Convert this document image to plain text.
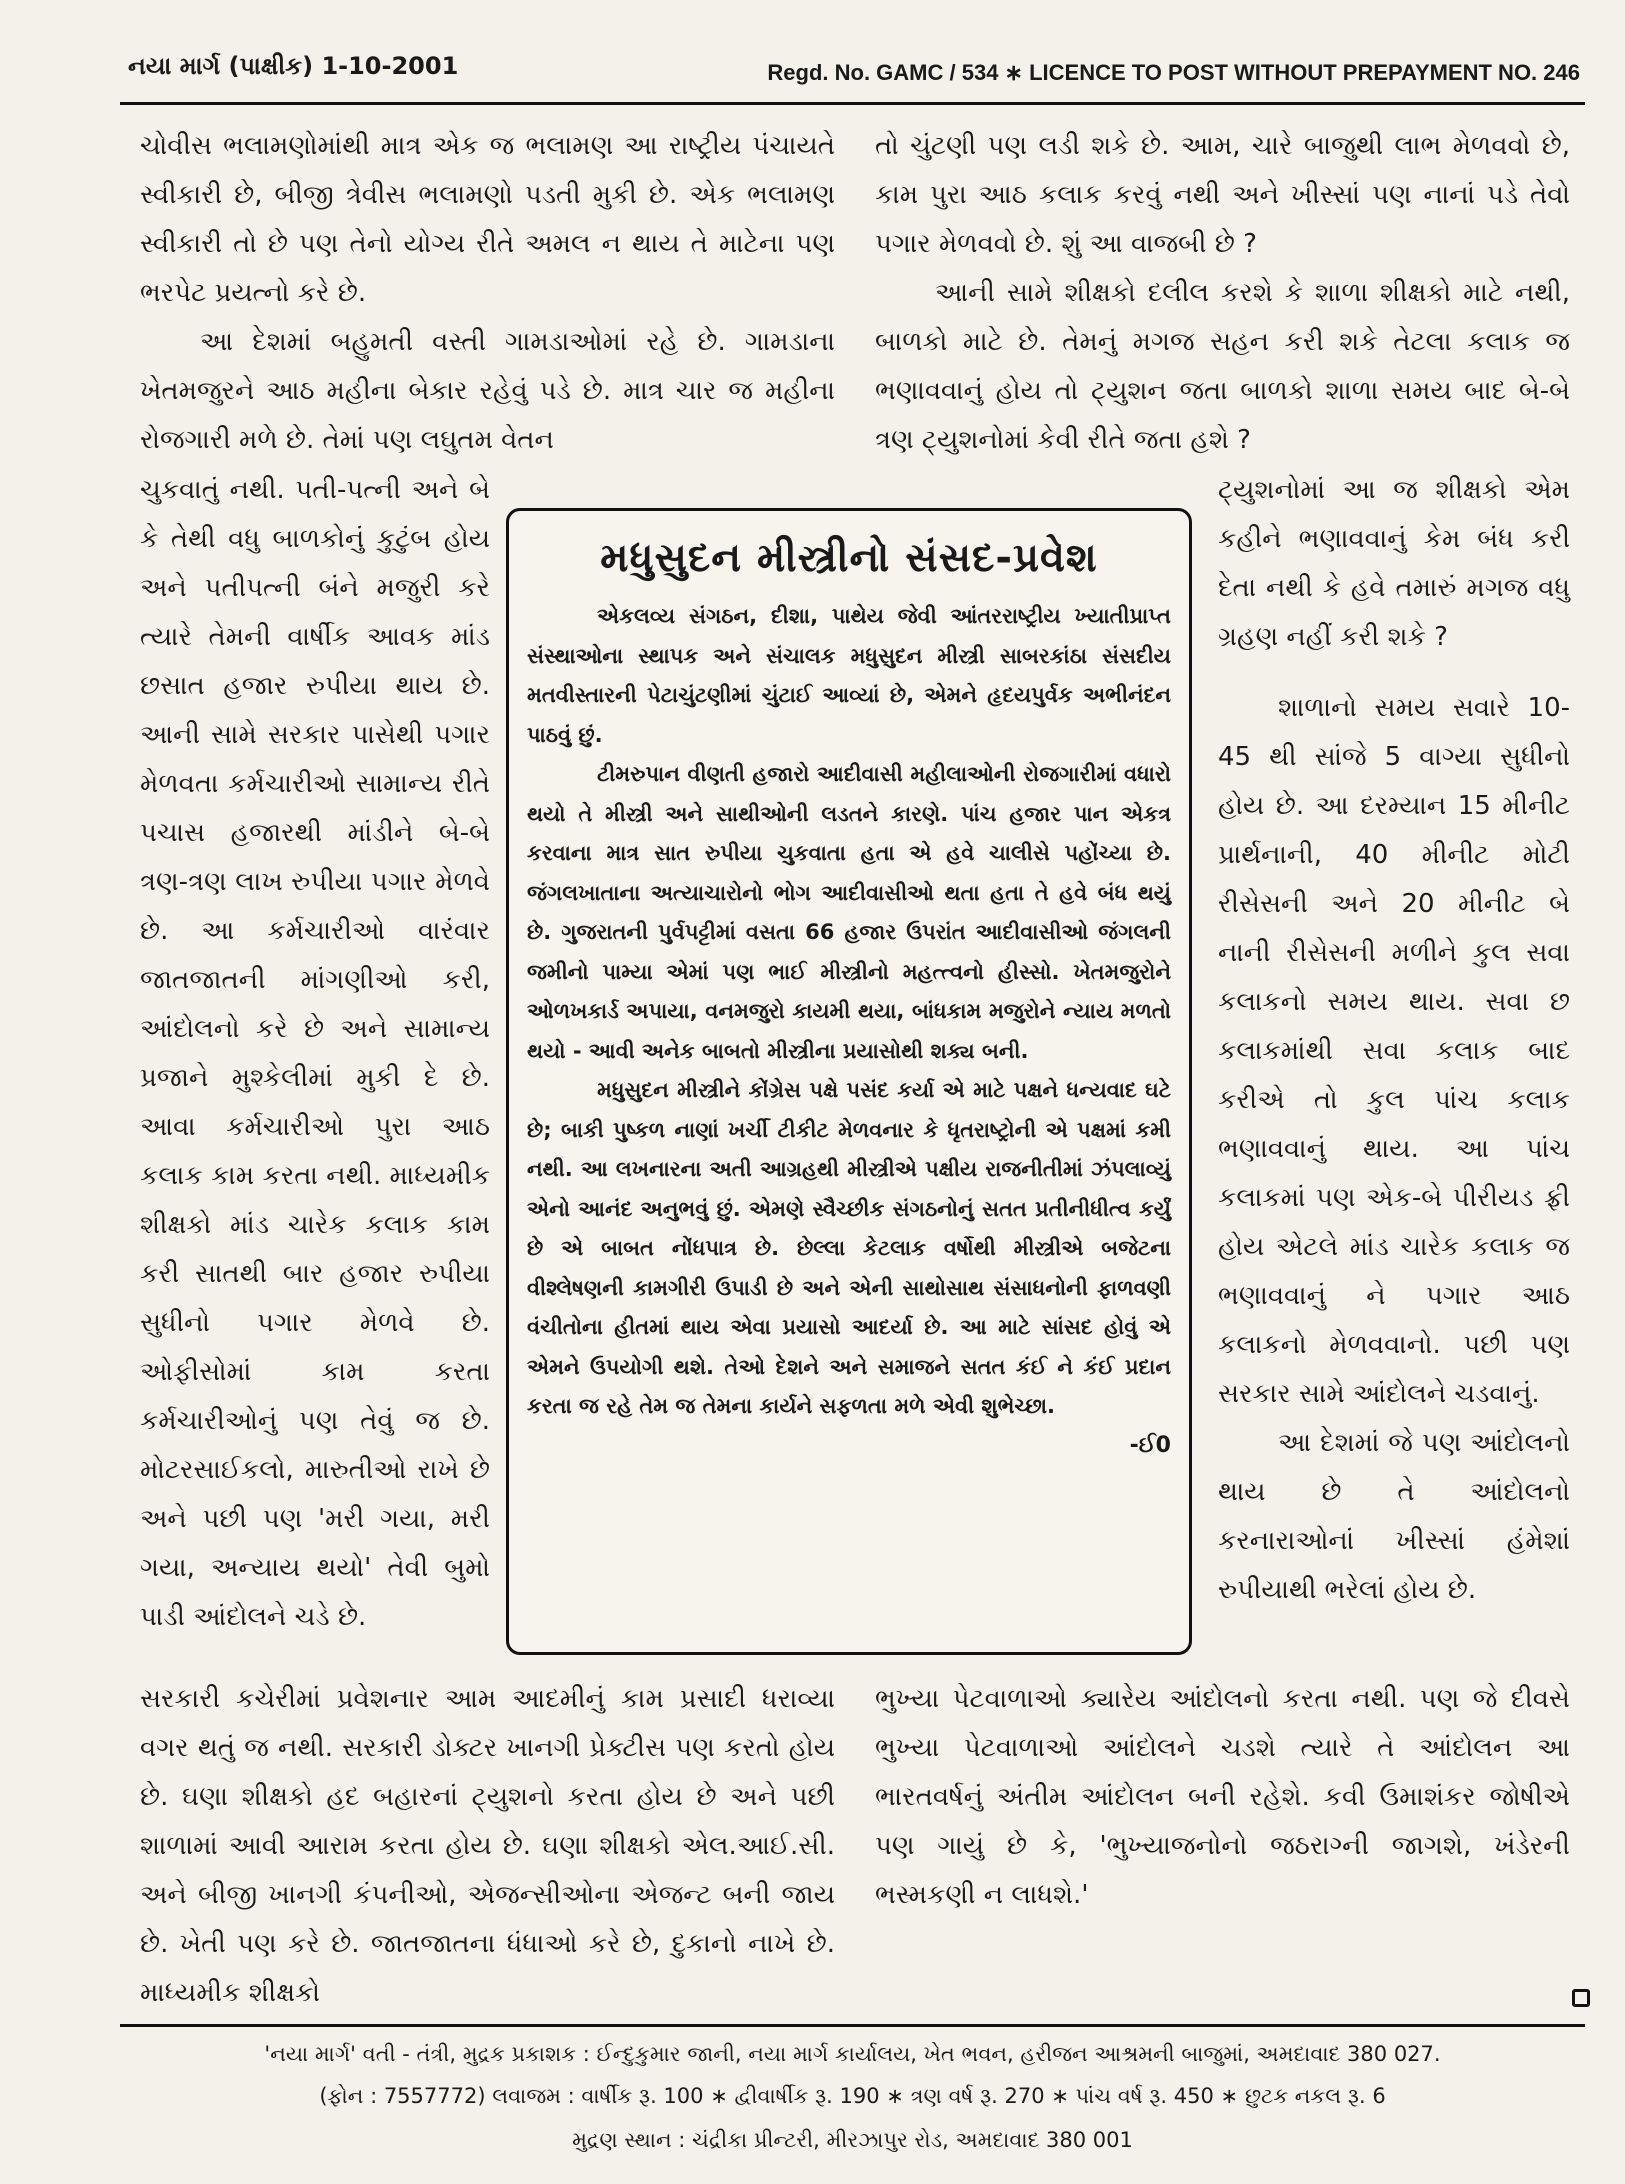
નયા માર્ગ (પાક્ષીક) 1-10-2001	Regd. No. GAMC / 534 ∗ LICENCE TO POST WITHOUT PREPAYMENT NO. 246

ચોવીસ ભલામણોમાંથી માત્ર એક જ ભલામણ આ રાષ્ટ્રીય પંચાયતે સ્વીકારી છે, બીજી ત્રેવીસ ભલામણો પડતી મુકી છે. એક ભલામણ સ્વીકારી તો છે પણ તેનો યોગ્ય રીતે અમલ ન થાય તે માટેના પણ ભરપેટ પ્રયત્નો કરે છે.

આ દેશમાં બહુમતી વસ્તી ગામડાઓમાં રહે છે. ગામડાના ખેતમજુરને આઠ મહીના બેકાર રહેવું પડે છે. માત્ર ચાર જ મહીના રોજગારી મળે છે. તેમાં પણ લઘુતમ વેતન

ચુકવાતું નથી. પતી-પત્ની અને બે કે તેથી વધુ બાળકોનું કુટુંબ હોય અને પતીપત્ની બંને મજુરી કરે ત્યારે તેમની વાર્ષીક આવક માંડ છસાત હજાર રુપીયા થાય છે. આની સામે સરકાર પાસેથી પગાર મેળવતા કર્મચારીઓ સામાન્ય રીતે પચાસ હજારથી માંડીને બે-બે ત્રણ-ત્રણ લાખ રુપીયા પગાર મેળવે છે. આ કર્મચારીઓ વારંવાર જાતજાતની માંગણીઓ કરી, આંદોલનો કરે છે અને સામાન્ય પ્રજાને મુશ્કેલીમાં મુકી દે છે. આવા કર્મચારીઓ પુરા આઠ કલાક કામ કરતા નથી. માધ્યમીક શીક્ષકો માંડ ચારેક કલાક કામ કરી સાતથી બાર હજાર રુપીયા સુધીનો પગાર મેળવે છે. ઓફીસોમાં કામ કરતા કર્મચારીઓનું પણ તેવું જ છે. મોટરસાઈકલો, મારુતીઓ રાખે છે અને પછી પણ 'મરી ગયા, મરી ગયા, અન્યાય થયો' તેવી બુમો પાડી આંદોલને ચડે છે.

સરકારી કચેરીમાં પ્રવેશનાર આમ આદમીનું કામ પ્રસાદી ધરાવ્યા વગર થતું જ નથી. સરકારી ડોક્ટર ખાનગી પ્રેક્ટીસ પણ કરતો હોય છે. ઘણા શીક્ષકો હદ બહારનાં ટ્યુશનો કરતા હોય છે અને પછી શાળામાં આવી આરામ કરતા હોય છે. ઘણા શીક્ષકો એલ.આઈ.સી. અને બીજી ખાનગી કંપનીઓ, એજન્સીઓના એજન્ટ બની જાય છે. ખેતી પણ કરે છે. જાતજાતના ધંધાઓ કરે છે, દુકાનો નાખે છે. માધ્યમીક શીક્ષકો

તો ચુંટણી પણ લડી શકે છે. આમ, ચારે બાજુથી લાભ મેળવવો છે, કામ પુરા આઠ કલાક કરવું નથી અને ખીસ્સાં પણ નાનાં પડે તેવો પગાર મેળવવો છે. શું આ વાજબી છે ?

આની સામે શીક્ષકો દલીલ કરશે કે શાળા શીક્ષકો માટે નથી, બાળકો માટે છે. તેમનું મગજ સહન કરી શકે તેટલા કલાક જ ભણાવવાનું હોય તો ટ્યુશન જતા બાળકો શાળા સમય બાદ બે-બે ત્રણ ટ્યુશનોમાં કેવી રીતે જતા હશે ?

ટ્યુશનોમાં આ જ શીક્ષકો એમ કહીને ભણાવવાનું કેમ બંધ કરી દેતા નથી કે હવે તમારું મગજ વધુ ગ્રહણ નહીં કરી શકે ?

શાળાનો સમય સવારે 10-45 થી સાંજે 5 વાગ્યા સુધીનો હોય છે. આ દરમ્યાન 15 મીનીટ પ્રાર્થનાની, 40 મીનીટ મોટી રીસેસની અને 20 મીનીટ બે નાની રીસેસની મળીને કુલ સવા કલાકનો સમય થાય. સવા છ કલાકમાંથી સવા કલાક બાદ કરીએ તો કુલ પાંચ કલાક ભણાવવાનું થાય. આ પાંચ કલાકમાં પણ એક-બે પીરીયડ ફ્રી હોય એટલે માંડ ચારેક કલાક જ ભણાવવાનું ને પગાર આઠ કલાકનો મેળવવાનો. પછી પણ સરકાર સામે આંદોલને ચડવાનું.

આ દેશમાં જે પણ આંદોલનો થાય છે તે આંદોલનો કરનારાઓનાં ખીસ્સાં હંમેશાં રુપીયાથી ભરેલાં હોય છે.

ભુખ્યા પેટવાળાઓ ક્યારેય આંદોલનો કરતા નથી. પણ જે દીવસે ભુખ્યા પેટવાળાઓ આંદોલને ચડશે ત્યારે તે આંદોલન આ ભારતવર્ષનું અંતીમ આંદોલન બની રહેશે. કવી ઉમાશંકર જોષીએ પણ ગાયું છે કે, 'ભુખ્યાજનોનો જઠરાગ્ની જાગશે, ખંડેરની ભસ્મકણી ન લાધશે.'

મધુસુદન મીસ્ત્રીનો સંસદ-પ્રવેશ

એકલવ્ય સંગઠન, દીશા, પાથેય જેવી આંતરરાષ્ટ્રીય ખ્યાતીપ્રાપ્ત સંસ્થાઓના સ્થાપક અને સંચાલક મધુસુદન મીસ્ત્રી સાબરકાંઠા સંસદીય મતવીસ્તારની પેટાચુંટણીમાં ચુંટાઈ આવ્યાં છે, એમને હૃદયપુર્વક અભીનંદન પાઠવું છું.

ટીમરુપાન વીણતી હજારો આદીવાસી મહીલાઓની રોજગારીમાં વધારો થયો તે મીસ્ત્રી અને સાથીઓની લડતને કારણે. પાંચ હજાર પાન એકત્ર કરવાના માત્ર સાત રુપીયા ચુકવાતા હતા એ હવે ચાલીસે પહોંચ્યા છે. જંગલખાતાના અત્યાચારોનો ભોગ આદીવાસીઓ થતા હતા તે હવે બંધ થયું છે. ગુજરાતની પુર્વપટ્ટીમાં વસતા 66 હજાર ઉપરાંત આદીવાસીઓ જંગલની જમીનો પામ્યા એમાં પણ ભાઈ મીસ્ત્રીનો મહત્ત્વનો હીસ્સો. ખેતમજુરોને ઓળખકાર્ડ અપાયા, વનમજુરો કાયમી થયા, બાંધકામ મજુરોને ન્યાય મળતો થયો - આવી અનેક બાબતો મીસ્ત્રીના પ્રયાસોથી શક્ય બની.

મધુસુદન મીસ્ત્રીને કોંગ્રેસ પક્ષે પસંદ કર્યા એ માટે પક્ષને ધન્યવાદ ઘટે છે; બાકી પુષ્કળ નાણાં ખર્ચી ટીકીટ મેળવનાર કે ધૃતરાષ્ટ્રોની એ પક્ષમાં કમી નથી. આ લખનારના અતી આગ્રહથી મીસ્ત્રીએ પક્ષીય રાજનીતીમાં ઝંપલાવ્યું એનો આનંદ અનુભવું છું. એમણે સ્વૈચ્છીક સંગઠનોનું સતત પ્રતીનીધીત્વ કર્યું છે એ બાબત નોંધપાત્ર છે. છેલ્લા કેટલાક વર્ષોથી મીસ્ત્રીએ બજેટના વીશ્લેષણની કામગીરી ઉપાડી છે અને એની સાથોસાથ સંસાધનોની ફાળવણી વંચીતોના હીતમાં થાય એવા પ્રયાસો આદર્યા છે. આ માટે સાંસદ હોવું એ એમને ઉપયોગી થશે. તેઓ દેશને અને સમાજને સતત કંઈ ને કંઈ પ્રદાન કરતા જ રહે તેમ જ તેમના કાર્યને સફળતા મળે એવી શુભેચ્છા.

-ઈ0
'નયા માર્ગ' વતી - તંત્રી, મુદ્રક પ્રકાશક : ઈન્દુકુમાર જાની, નયા માર્ગ કાર્યાલય, ખેત ભવન, હરીજન આશ્રમની બાજુમાં, અમદાવાદ 380 027.
(ફોન : 7557772) લવાજમ : વાર્ષીક રૂ. 100 ∗ દ્વીવાર્ષીક રૂ. 190 ∗ ત્રણ વર્ષ રૂ. 270 ∗ પાંચ વર્ષ રૂ. 450 ∗ છુટક નકલ રૂ. 6
મુદ્રણ સ્થાન : ચંદ્રીકા પ્રીન્ટરી, મીરઝાપુર રોડ, અમદાવાદ 380 001
